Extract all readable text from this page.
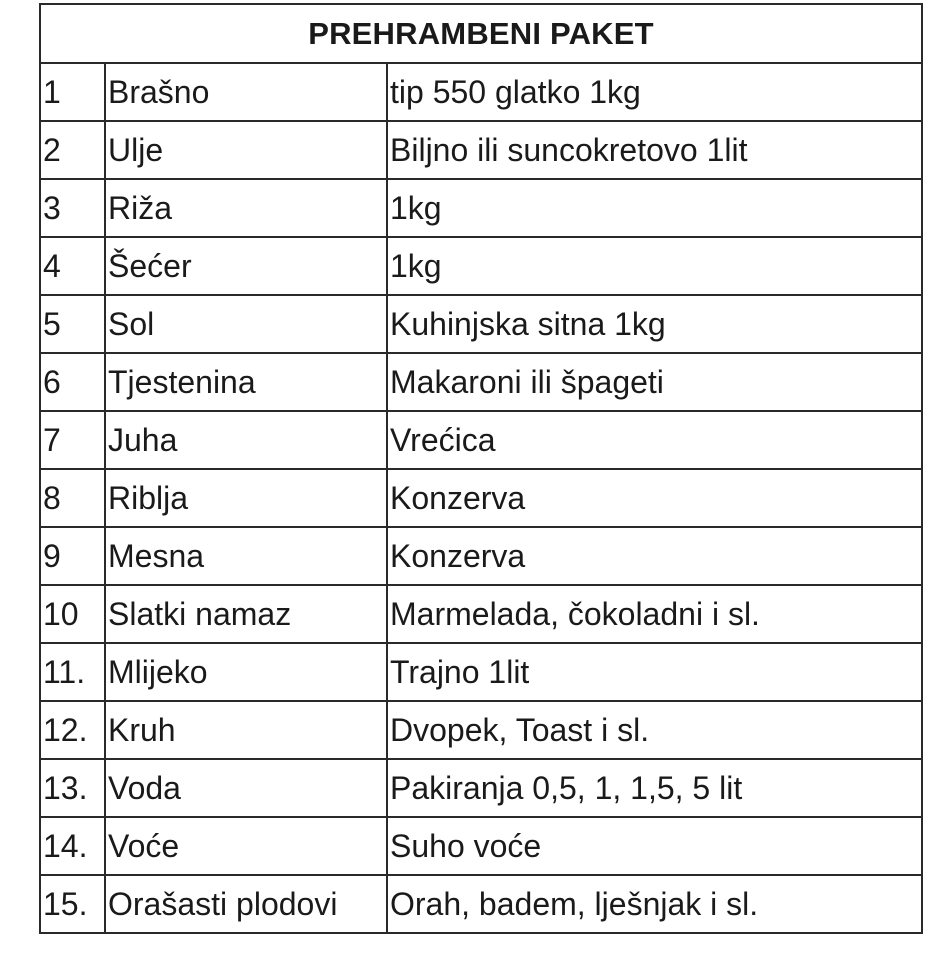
PREHRAMBENI PAKET		
1	Brašno	tip 550 glatko 1kg
2	Ulje	Biljno ili suncokretovo 1lit
3	Riža	1kg
4	Šećer	1kg
5	Sol	Kuhinjska sitna 1kg
6	Tjestenina	Makaroni ili špageti
7	Juha	Vrećica
8	Riblja	Konzerva
9	Mesna	Konzerva
10	Slatki namaz	Marmelada, čokoladni i sl.
11.	Mlijeko	Trajno 1lit
12.	Kruh	Dvopek, Toast i sl.
13.	Voda	Pakiranja 0,5, 1, 1,5, 5 lit
14.	Voće	Suho voće
15.	Orašasti plodovi	Orah, badem, lješnjak i sl.
